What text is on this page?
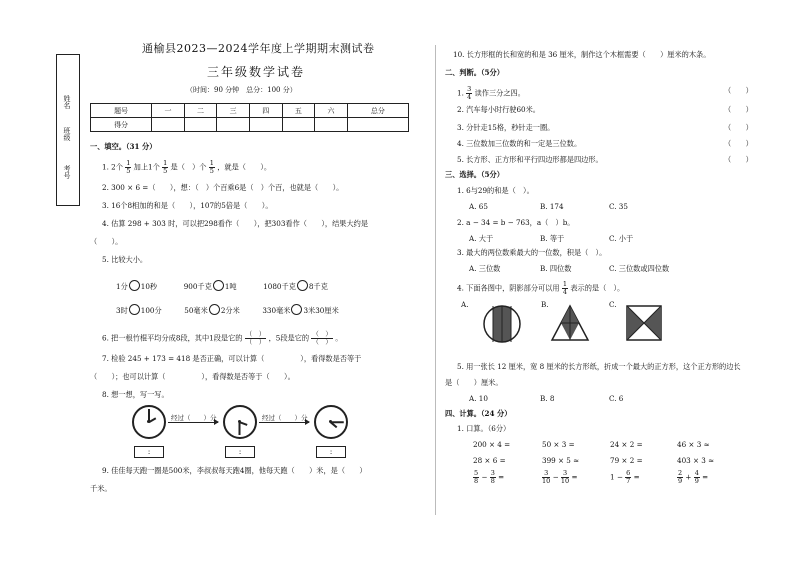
姓名
班级
考号
通榆县2023—2024学年度上学期期末测试卷
三年级数学试卷
（时间：90 分钟　总分：100 分）
题号	一	二	三	四	五	六	总分
得分							
一、填空。（31 分）
1. 2个 $\frac{1}{5}$ 加上1个 $\frac{1}{5}$ 是（　）个 $\frac{1}{5}$ ，就是（　　）。
2. 300 × 6 =（　　），想：（　）个百乘6是（　）个百，也就是（　　）。
3. 16个8相加的和是（　　），107的5倍是（　　）。
4. 估算 298 + 303 时，可以把298看作（　　），把303看作（　　），结果大约是
（　　）。
5. 比较大小。
1分 10秒	900千克 1吨	1080千克 8千克
3时 100分	50毫米 2分米	330毫米 3米30厘米
6. 把一根竹棍平均分成8段，其中1段是它的 $\frac{( )}{( )}$ ，5段是它的 $\frac{( )}{( )}$ 。
7. 检验 245 + 173 = 418 是否正确，可以计算（　　　　　），看得数是否等于
（　　）；也可以计算（　　　　　），看得数是否等于（　　）。
8. 想一想，写一写。
经过（　　）分	经过（　　）分
:	:	:
9. 佳佳每天跑一圈是500米，李叔叔每天跑4圈，他每天跑（　　）米，是（　　）
千米。
10. 长方形框的长和宽的和是 36 厘米，制作这个木框需要（　　）厘米的木条。
二、判断。（5分）
1. $\frac{3}{4}$ 读作三分之四。	（　　）
2. 汽车每小时行驶60米。	（　　）
3. 分针走15格，秒针走一圈。	（　　）
4. 三位数加三位数的和一定是三位数。	（　　）
5. 长方形、正方形和平行四边形都是四边形。	（　　）
三、选择。（5分）
1. 6与29的和是（　）。
A. 65	B. 174	C. 35
2. a − 34 = b − 763，a（　）b。
A. 大于	B. 等于	C. 小于
3. 最大的两位数乘最大的一位数，积是（　）。
A. 三位数	B. 四位数	C. 三位数或四位数
4. 下面各图中，阴影部分可以用 $\frac{1}{4}$ 表示的是（　）。
A.	B.	C.
5. 用一张长 12 厘米，宽 8 厘米的长方形纸，折成一个最大的正方形，这个正方形的边长
是（　　）厘米。
A. 10	B. 8	C. 6
四、计算。（24 分）
1. 口算。（6分）
200 × 4 =	50 × 3 =	24 × 2 =	46 × 3 ≈
28 × 6 =	399 × 5 ≈	79 × 2 =	403 × 3 ≈
$\frac{5}{8} - \frac{3}{8}$ =	$\frac{3}{10} - \frac{3}{10}$ =	$1 - \frac{6}{7}$ =	$\frac{2}{9} + \frac{4}{9}$ =
